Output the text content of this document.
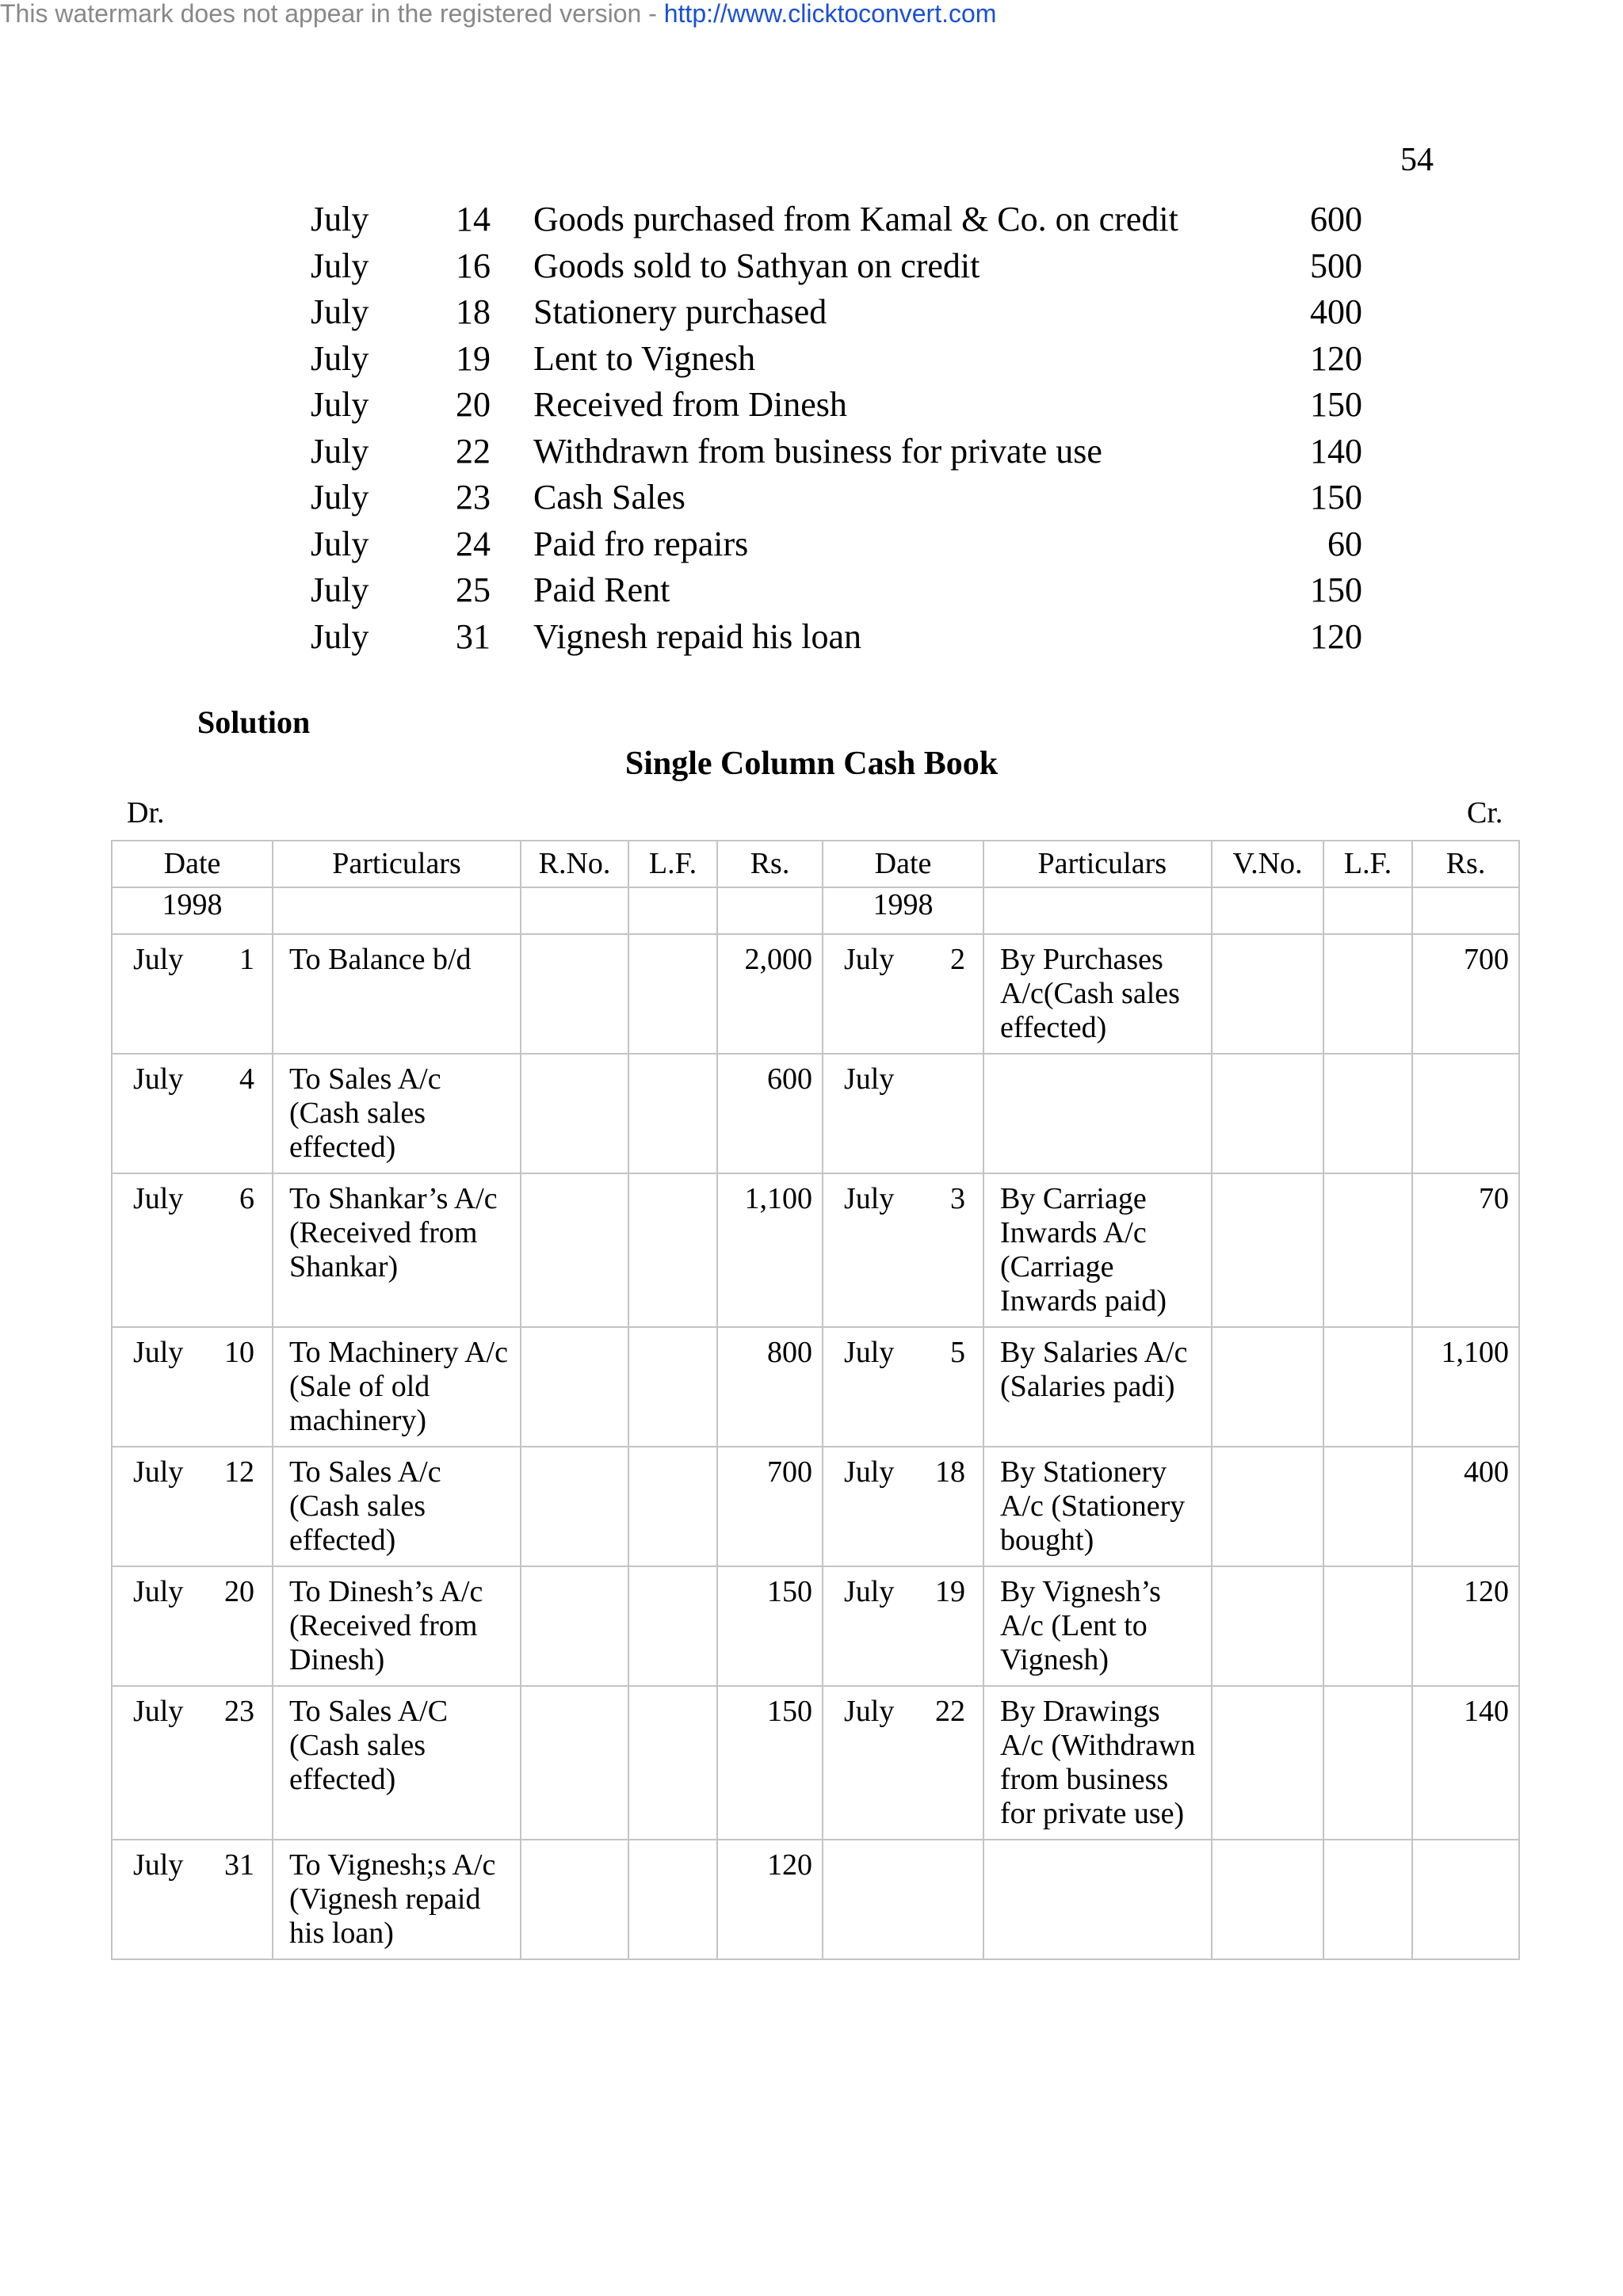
This watermark does not appear in the registered version - http://www.clicktoconvert.com
54
July 14 Goods purchased from Kamal & Co. on credit	600
July 16 Goods sold to Sathyan on credit	500
July 18 Stationery purchased	400
July 19 Lent to Vignesh	120
July 20 Received from Dinesh	150
July 22 Withdrawn from business for private use	140
July 23 Cash Sales	150
July 24 Paid fro repairs	60
July 25 Paid Rent	150
July 31 Vignesh repaid his loan	120
Solution
Single Column Cash Book
Dr.	Cr.
Date		Particulars	R.No.	L.F.	Rs.	Date		Particulars	V.No.	L.F.	Rs.
1998						1998					
July	1	To Balance b/d			2,000	July	2	By Purchases A/c(Cash sales effected)			700
July	4	To Sales A/c (Cash sales effected)			600	July					
July	6	To Shankar’s A/c (Received from Shankar)			1,100	July	3	By Carriage Inwards A/c (Carriage Inwards paid)			70
July	10	To Machinery A/c (Sale of old machinery)			800	July	5	By Salaries A/c (Salaries padi)			1,100
July	12	To Sales A/c (Cash sales effected)			700	July	18	By Stationery A/c (Stationery bought)			400
July	20	To Dinesh’s A/c (Received from Dinesh)			150	July	19	By Vignesh’s A/c (Lent to Vignesh)			120
July	23	To Sales A/C (Cash sales effected)			150	July	22	By Drawings A/c (Withdrawn from business for private use)			140
July	31	To Vignesh;s A/c (Vignesh repaid his loan)			120						
